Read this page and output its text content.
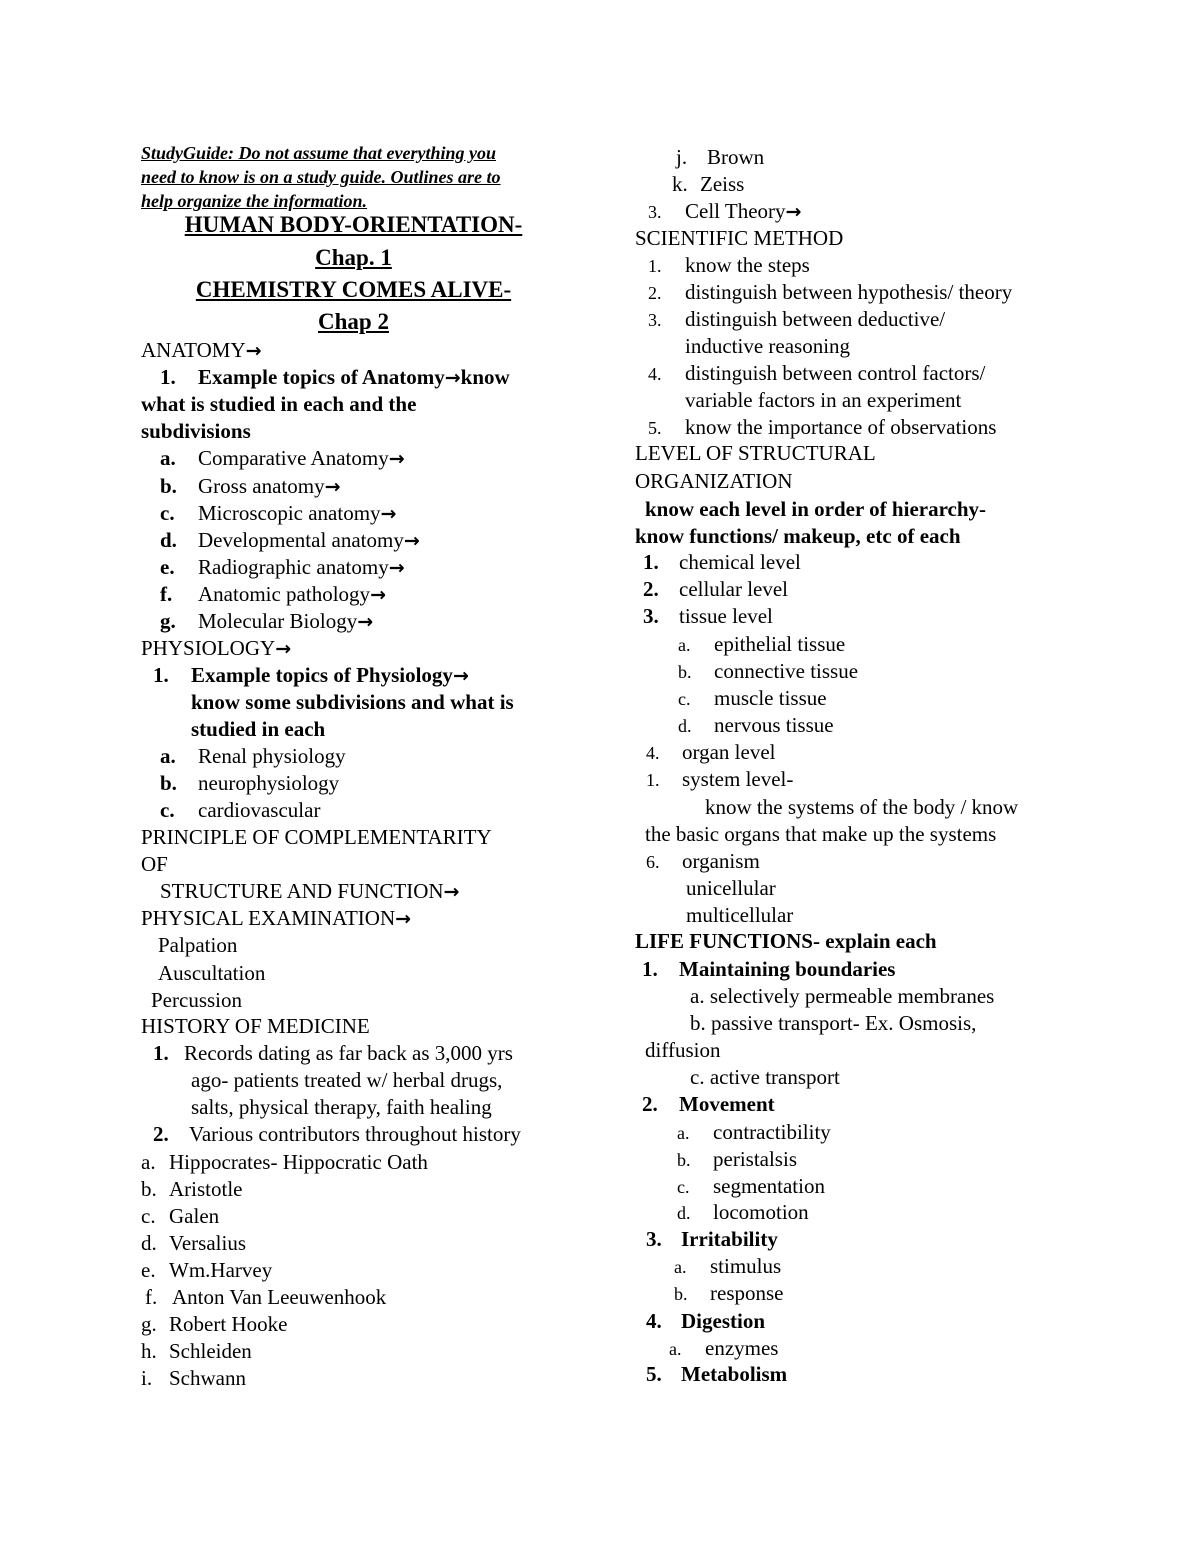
StudyGuide: Do not assume that everything you
need to know is on a study guide. Outlines are to
help organize the information.
HUMAN BODY-ORIENTATION-
Chap. 1
CHEMISTRY COMES ALIVE-
Chap 2
ANATOMY→
1. Example topics of Anatomy→know
what is studied in each and the
subdivisions
a. Comparative Anatomy→
b. Gross anatomy→
c. Microscopic anatomy→
d. Developmental anatomy→
e. Radiographic anatomy→
f. Anatomic pathology→
g. Molecular Biology→
PHYSIOLOGY→
1. Example topics of Physiology→
know some subdivisions and what is
studied in each
a. Renal physiology
b. neurophysiology
c. cardiovascular
PRINCIPLE OF COMPLEMENTARITY
OF
STRUCTURE AND FUNCTION→
PHYSICAL EXAMINATION→
Palpation
Auscultation
Percussion
HISTORY OF MEDICINE
1. Records dating as far back as 3,000 yrs
ago- patients treated w/ herbal drugs,
salts, physical therapy, faith healing
2. Various contributors throughout history
a. Hippocrates- Hippocratic Oath
b. Aristotle
c. Galen
d. Versalius
e. Wm.Harvey
f. Anton Van Leeuwenhook
g. Robert Hooke
h. Schleiden
i. Schwann
j. Brown
k. Zeiss
3. Cell Theory→
SCIENTIFIC METHOD
1. know the steps
2. distinguish between hypothesis/ theory
3. distinguish between deductive/
inductive reasoning
4. distinguish between control factors/
variable factors in an experiment
5. know the importance of observations
LEVEL OF STRUCTURAL
ORGANIZATION
know each level in order of hierarchy-
know functions/ makeup, etc of each
1. chemical level
2. cellular level
3. tissue level
a. epithelial tissue
b. connective tissue
c. muscle tissue
d. nervous tissue
4. organ level
1. system level-
know the systems of the body / know
the basic organs that make up the systems
6. organism
unicellular
multicellular
LIFE FUNCTIONS- explain each
1. Maintaining boundaries
a. selectively permeable membranes
b. passive transport- Ex. Osmosis,
diffusion
c. active transport
2. Movement
a. contractibility
b. peristalsis
c. segmentation
d. locomotion
3. Irritability
a. stimulus
b. response
4. Digestion
a. enzymes
5. Metabolism
